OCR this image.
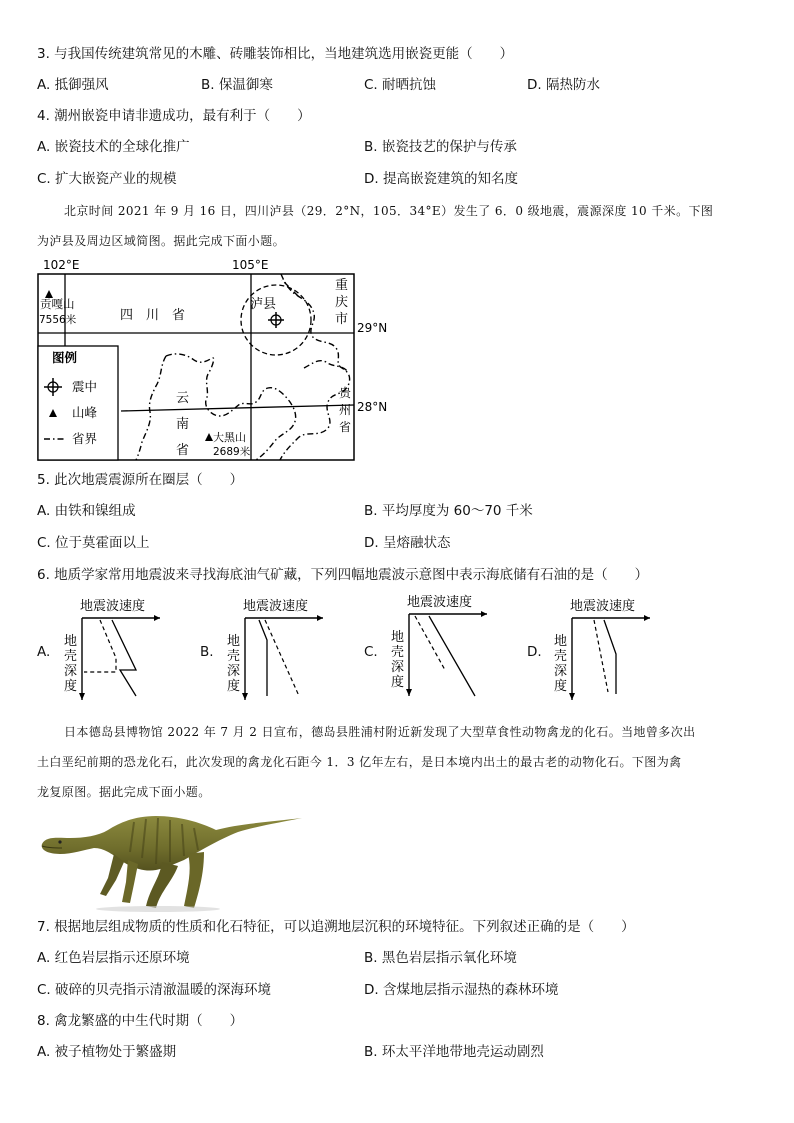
3. 与我国传统建筑常见的木雕、砖雕装饰相比，当地建筑选用嵌瓷更能（　　）
A. 抵御强风	B. 保温御寒	C. 耐晒抗蚀	D. 隔热防水
4. 潮州嵌瓷申请非遗成功，最有利于（　　）
A. 嵌瓷技术的全球化推广	B. 嵌瓷技艺的保护与传承
C. 扩大嵌瓷产业的规模	D. 提高嵌瓷建筑的知名度
北京时间 2021 年 9 月 16 日，四川泸县（29．2°N，105．34°E）发生了 6．0 级地震，震源深度 10 千米。下图
为泸县及周边区域简图。据此完成下面小题。
102°E	105°E
29°N
28°N
贡嘎山
7556米	四　川　省
泸县
重
庆
市
云
南
省
贵
州
省
大黑山
2689米
图例
震中
山峰
省界
5. 此次地震震源所在圈层（　　）
A. 由铁和镍组成	B. 平均厚度为 60～70 千米
C. 位于莫霍面以上	D. 呈熔融状态
6. 地质学家常用地震波来寻找海底油气矿藏，下列四幅地震波示意图中表示海底储有石油的是（　　）
A.
地震波速度
地
壳
深
度
B.
地震波速度
地
壳
深
度
C.
地震波速度
地
壳
深
度
D.
地震波速度
地
壳
深
度
日本德岛县博物馆 2022 年 7 月 2 日宣布，德岛县胜浦村附近新发现了大型草食性动物禽龙的化石。当地曾多次出
土白垩纪前期的恐龙化石，此次发现的禽龙化石距今 1．3 亿年左右，是日本境内出土的最古老的动物化石。下图为禽
龙复原图。据此完成下面小题。
7. 根据地层组成物质的性质和化石特征，可以追溯地层沉积的环境特征。下列叙述正确的是（　　）
A. 红色岩层指示还原环境	B. 黑色岩层指示氧化环境
C. 破碎的贝壳指示清澈温暖的深海环境	D. 含煤地层指示湿热的森林环境
8. 禽龙繁盛的中生代时期（　　）
A. 被子植物处于繁盛期	B. 环太平洋地带地壳运动剧烈
